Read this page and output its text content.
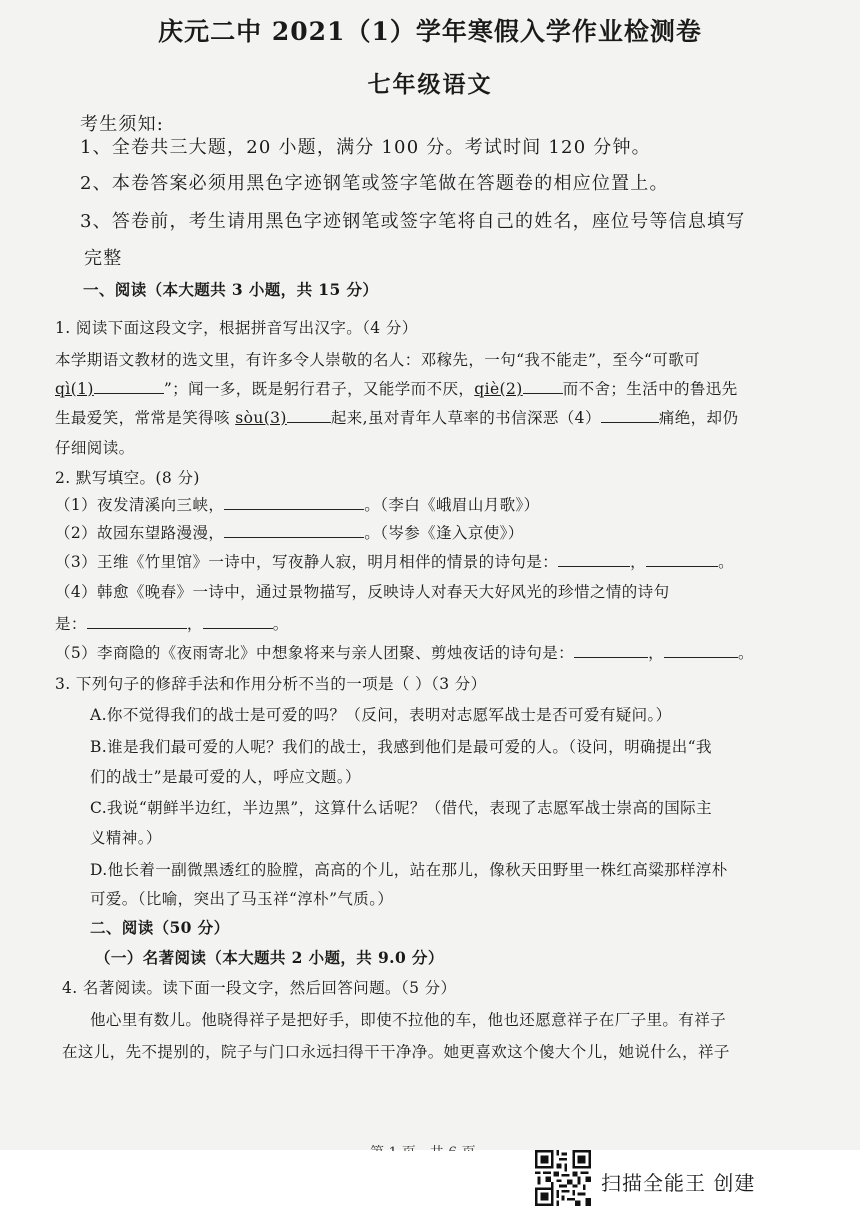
庆元二中 2021（1）学年寒假入学作业检测卷
七年级语文
考生须知:
1、全卷共三大题，20 小题，满分 100 分。考试时间 120 分钟。
2、本卷答案必须用黑色字迹钢笔或签字笔做在答题卷的相应位置上。
3、答卷前，考生请用黑色字迹钢笔或签字笔将自己的姓名，座位号等信息填写
完整
一、阅读（本大题共 3 小题，共 15 分）
1. 阅读下面这段文字，根据拼音写出汉字。（4 分）
本学期语文教材的选文里，有许多令人崇敬的名人：邓稼先，一句“我不能走”，至今“可歌可
qì(1)	”；闻一多，既是躬行君子，又能学而不厌，qiè(2)	而不舍；生活中的鲁迅先
生最爱笑，常常是笑得咳 sòu(3)	起来,虽对青年人草率的书信深恶（4）	痛绝，却仍
仔细阅读。
2. 默写填空。(8 分)
（1）夜发清溪向三峡，	。（李白《峨眉山月歌》）
（2）故园东望路漫漫，	。（岑参《逢入京使》）
（3）王维《竹里馆》一诗中，写夜静人寂，明月相伴的情景的诗句是：	，	。
（4）韩愈《晚春》一诗中，通过景物描写，反映诗人对春天大好风光的珍惜之情的诗句
是：	，	。
（5）李商隐的《夜雨寄北》中想象将来与亲人团聚、剪烛夜话的诗句是：	，	。
3. 下列句子的修辞手法和作用分析不当的一项是（ ）（3 分）
A.你不觉得我们的战士是可爱的吗？（反问，表明对志愿军战士是否可爱有疑问。）
B.谁是我们最可爱的人呢？我们的战士，我感到他们是最可爱的人。（设问，明确提出“我
们的战士”是最可爱的人，呼应文题。）
C.我说“朝鲜半边红，半边黑”，这算什么话呢？（借代，表现了志愿军战士崇高的国际主
义精神。）
D.他长着一副微黑透红的脸膛，高高的个儿，站在那儿，像秋天田野里一株红高粱那样淳朴
可爱。（比喻，突出了马玉祥“淳朴”气质。）
二、阅读（50 分）
（一）名著阅读（本大题共 2 小题，共 9.0 分）
4. 名著阅读。读下面一段文字，然后回答问题。（5 分）
他心里有数儿。他晓得祥子是把好手，即使不拉他的车，他也还愿意祥子在厂子里。有祥子
在这儿，先不提别的，院子与门口永远扫得干干净净。她更喜欢这个傻大个儿，她说什么，祥子
扫描全能王 创建
